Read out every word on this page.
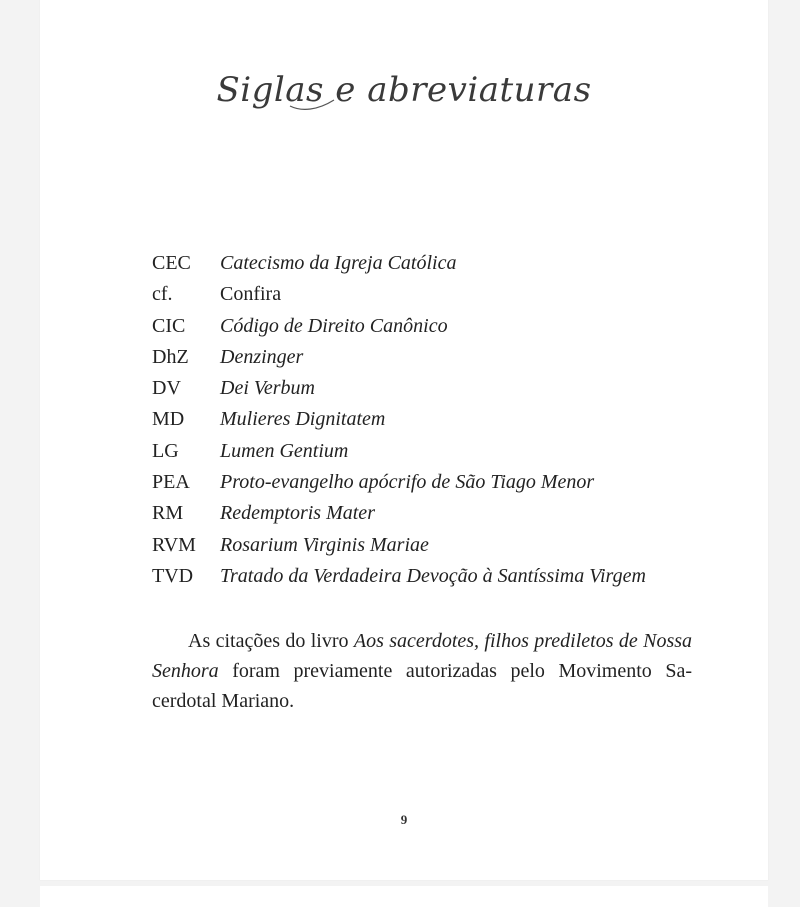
Siglas e abreviaturas
CEC Catecismo da Igreja Católica
cf. Confira
CIC Código de Direito Canônico
DhZ Denzinger
DV Dei Verbum
MD Mulieres Dignitatem
LG Lumen Gentium
PEA Proto-evangelho apócrifo de São Tiago Menor
RM Redemptoris Mater
RVM Rosarium Virginis Mariae
TVD Tratado da Verdadeira Devoção à Santíssima Virgem

As citações do livro Aos sacerdotes, filhos prediletos de Nossa Senhora foram previamente autorizadas pelo Movimento Sacerdotal Mariano.

9
